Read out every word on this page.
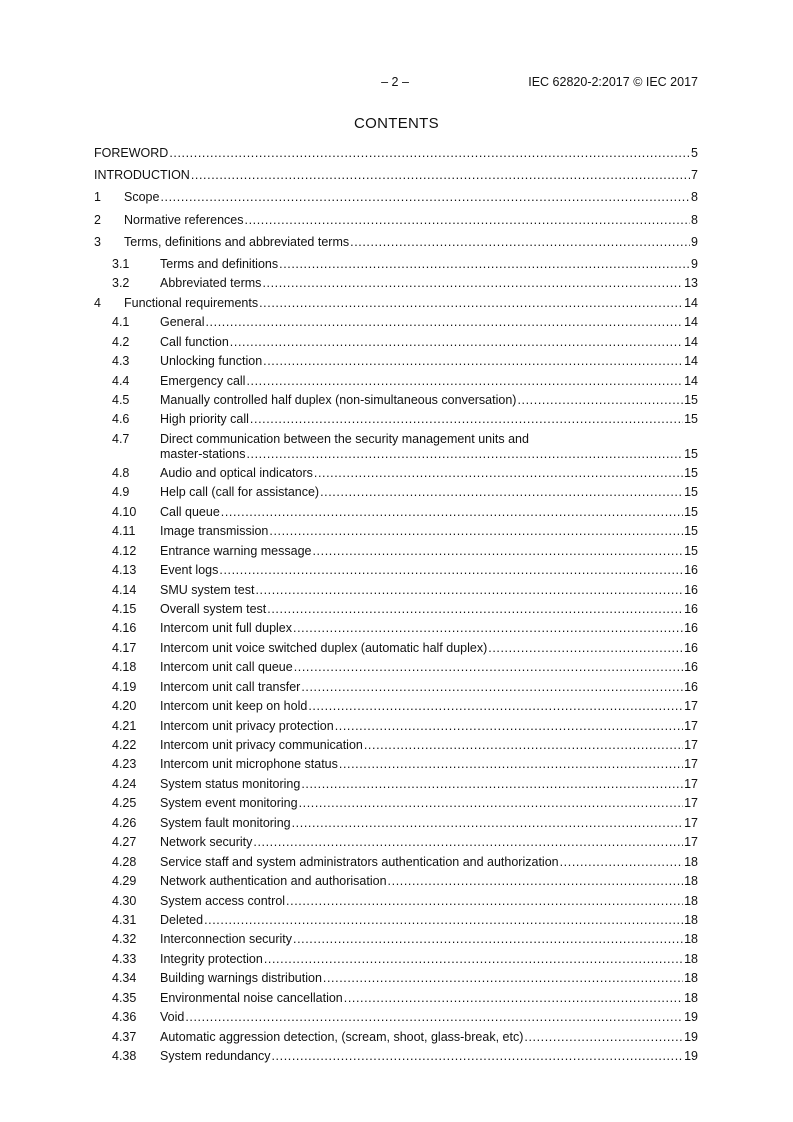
– 2 –	IEC 62820-2:2017 © IEC 2017
CONTENTS
FOREWORD .....	5
INTRODUCTION .....	7
1 Scope .....	8
2 Normative references .....	8
3 Terms, definitions and abbreviated terms .....	9
3.1 Terms and definitions .....	9
3.2 Abbreviated terms .....	13
4 Functional requirements .....	14
4.1 General .....	14
4.2 Call function .....	14
4.3 Unlocking function .....	14
4.4 Emergency call .....	14
4.5 Manually controlled half duplex (non-simultaneous conversation) .....	15
4.6 High priority call .....	15
4.7 Direct communication between the security management units and
master-stations .....	15
4.8 Audio and optical indicators .....	15
4.9 Help call (call for assistance) .....	15
4.10 Call queue .....	15
4.11 Image transmission .....	15
4.12 Entrance warning message .....	15
4.13 Event logs .....	16
4.14 SMU system test .....	16
4.15 Overall system test .....	16
4.16 Intercom unit full duplex .....	16
4.17 Intercom unit voice switched duplex (automatic half duplex) .....	16
4.18 Intercom unit call queue .....	16
4.19 Intercom unit call transfer .....	16
4.20 Intercom unit keep on hold .....	17
4.21 Intercom unit privacy protection .....	17
4.22 Intercom unit privacy communication .....	17
4.23 Intercom unit microphone status .....	17
4.24 System status monitoring .....	17
4.25 System event monitoring .....	17
4.26 System fault monitoring .....	17
4.27 Network security .....	17
4.28 Service staff and system administrators authentication and authorization .....	18
4.29 Network authentication and authorisation .....	18
4.30 System access control .....	18
4.31 Deleted .....	18
4.32 Interconnection security .....	18
4.33 Integrity protection .....	18
4.34 Building warnings distribution .....	18
4.35 Environmental noise cancellation .....	18
4.36 Void .....	19
4.37 Automatic aggression detection, (scream, shoot, glass-break, etc) .....	19
4.38 System redundancy .....	19
